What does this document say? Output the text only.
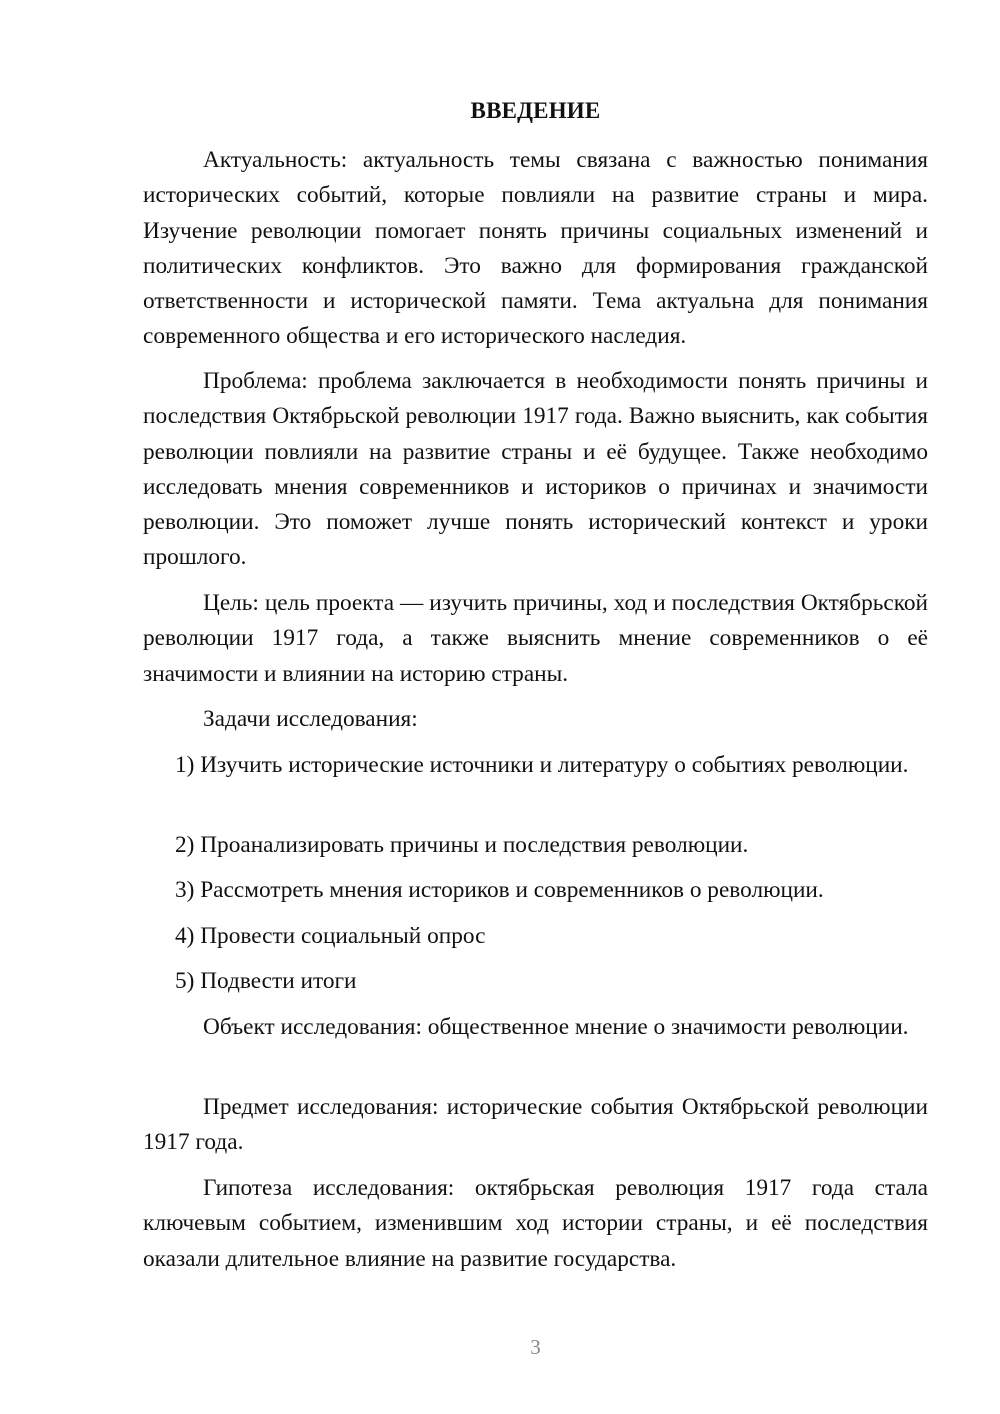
ВВЕДЕНИЕ

Актуальность: актуальность темы связана с важностью понимания исторических событий, которые повлияли на развитие страны и мира. Изучение революции помогает понять причины социальных изменений и политических конфликтов. Это важно для формирования гражданской ответственности и исторической памяти. Тема актуальна для понимания современного общества и его исторического наследия.

Проблема: проблема заключается в необходимости понять причины и последствия Октябрьской революции 1917 года. Важно выяснить, как события революции повлияли на развитие страны и её будущее. Также необходимо исследовать мнения современников и историков о причинах и значимости революции. Это поможет лучше понять исторический контекст и уроки прошлого.

Цель: цель проекта — изучить причины, ход и последствия Октябрьской революции 1917 года, а также выяснить мнение современников о её значимости и влиянии на историю страны.

Задачи исследования:

1) Изучить исторические источники и литературу о событиях революции.

2) Проанализировать причины и последствия революции.

3) Рассмотреть мнения историков и современников о революции.

4) Провести социальный опрос

5) Подвести итоги

Объект исследования: общественное мнение о значимости революции.

Предмет исследования: исторические события Октябрьской революции 1917 года.

Гипотеза исследования: октябрьская революция 1917 года стала ключевым событием, изменившим ход истории страны, и её последствия оказали длительное влияние на развитие государства.

3
